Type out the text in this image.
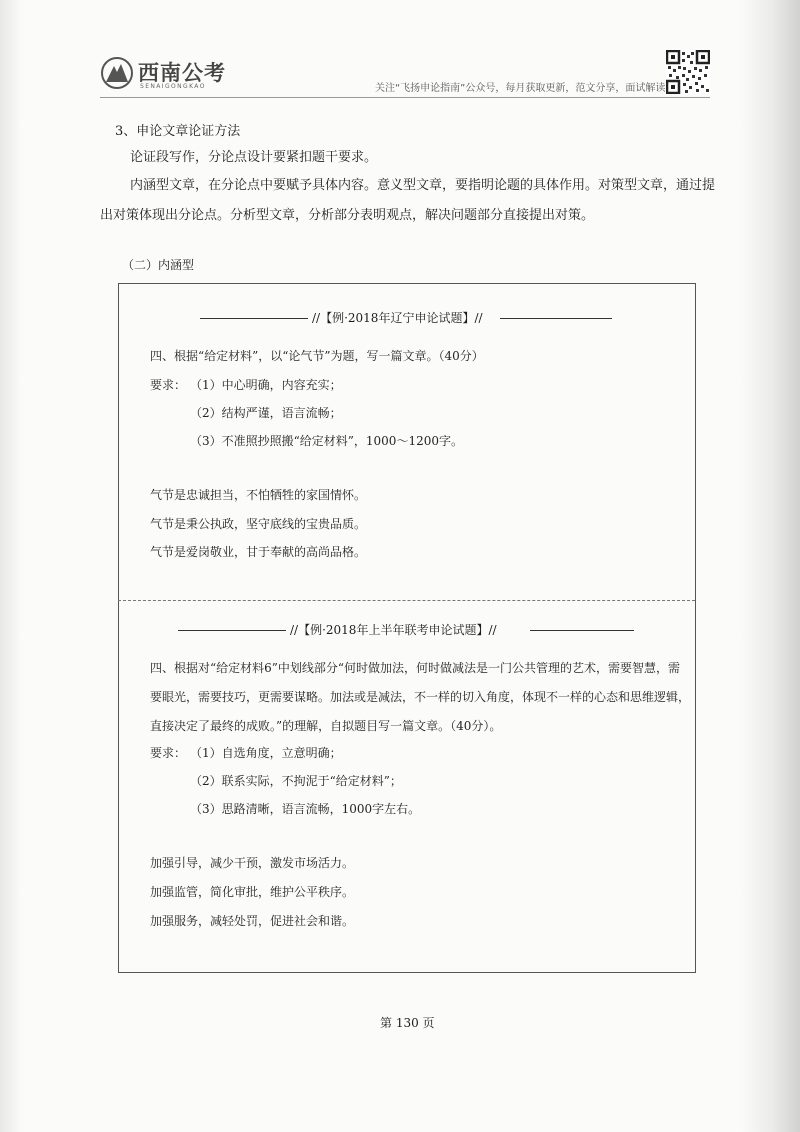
西南公考
SENAIGONGKAO	关注“飞扬申论指南”公众号，每月获取更新，范文分享，面试解读
3、申论文章论证方法
论证段写作，分论点设计要紧扣题干要求。
内涵型文章，在分论点中要赋予具体内容。意义型文章，要指明论题的具体作用。对策型文章，通过提出对策体现出分论点。分析型文章，分析部分表明观点，解决问题部分直接提出对策。
（二）内涵型
//【例·2018年辽宁申论试题】//
四、根据“给定材料”，以“论气节”为题，写一篇文章。（40分）
要求： （1）中心明确，内容充实；
（2）结构严谨，语言流畅；
（3）不准照抄照搬“给定材料”，1000～1200字。
气节是忠诚担当，不怕牺牲的家国情怀。
气节是秉公执政，坚守底线的宝贵品质。
气节是爱岗敬业，甘于奉献的高尚品格。
//【例·2018年上半年联考申论试题】//
四、根据对“给定材料6”中划线部分“何时做加法，何时做减法是一门公共管理的艺术，需要智慧，需要眼光，需要技巧，更需要谋略。加法或是减法，不一样的切入角度，体现不一样的心态和思维逻辑，直接决定了最终的成败。”的理解，自拟题目写一篇文章。（40分）。
要求： （1）自选角度，立意明确；
（2）联系实际，不拘泥于“给定材料”；
（3）思路清晰，语言流畅，1000字左右。
加强引导，减少干预，激发市场活力。
加强监管，简化审批，维护公平秩序。
加强服务，减轻处罚，促进社会和谐。
第 130 页
